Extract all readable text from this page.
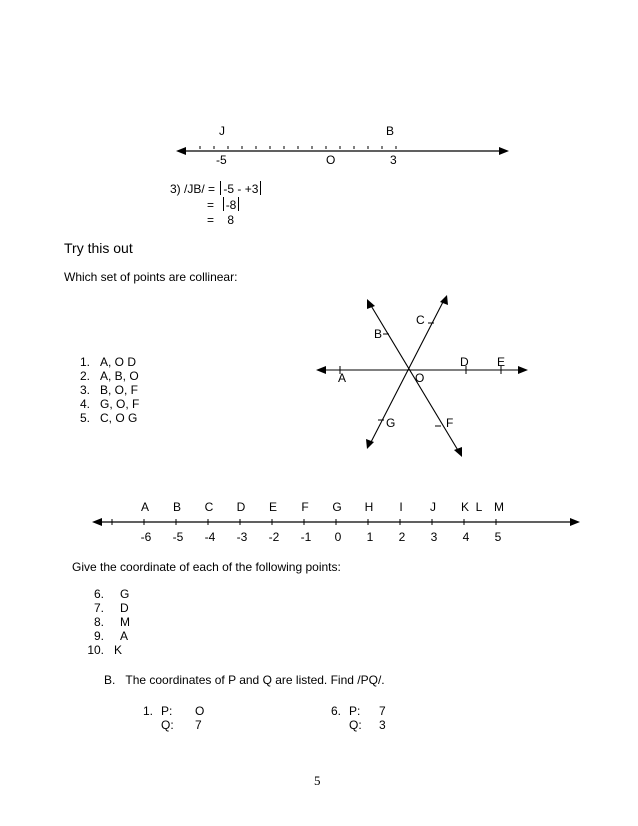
J	B
-5	O	3
3) /JB/ = -5 - +3
= -8
= 8
Try this out
Which set of points are collinear:
1. A, O D
2. A, B, O
3. B, O, F
4. G, O, F
5. C, O G
C
B
D E
A	O
G	F
A B C D E F G H	I	J	K L M
-6 -5 -4 -3 -2 -1	0	1	2	3	4	5
Give the coordinate of each of the following points:
6.	G
7.	D
8.	M
9.	A
10. K
B. The coordinates of P and Q are listed. Find /PQ/.
1. P: O
Q: 7
6. P: 7
Q: 3
5
